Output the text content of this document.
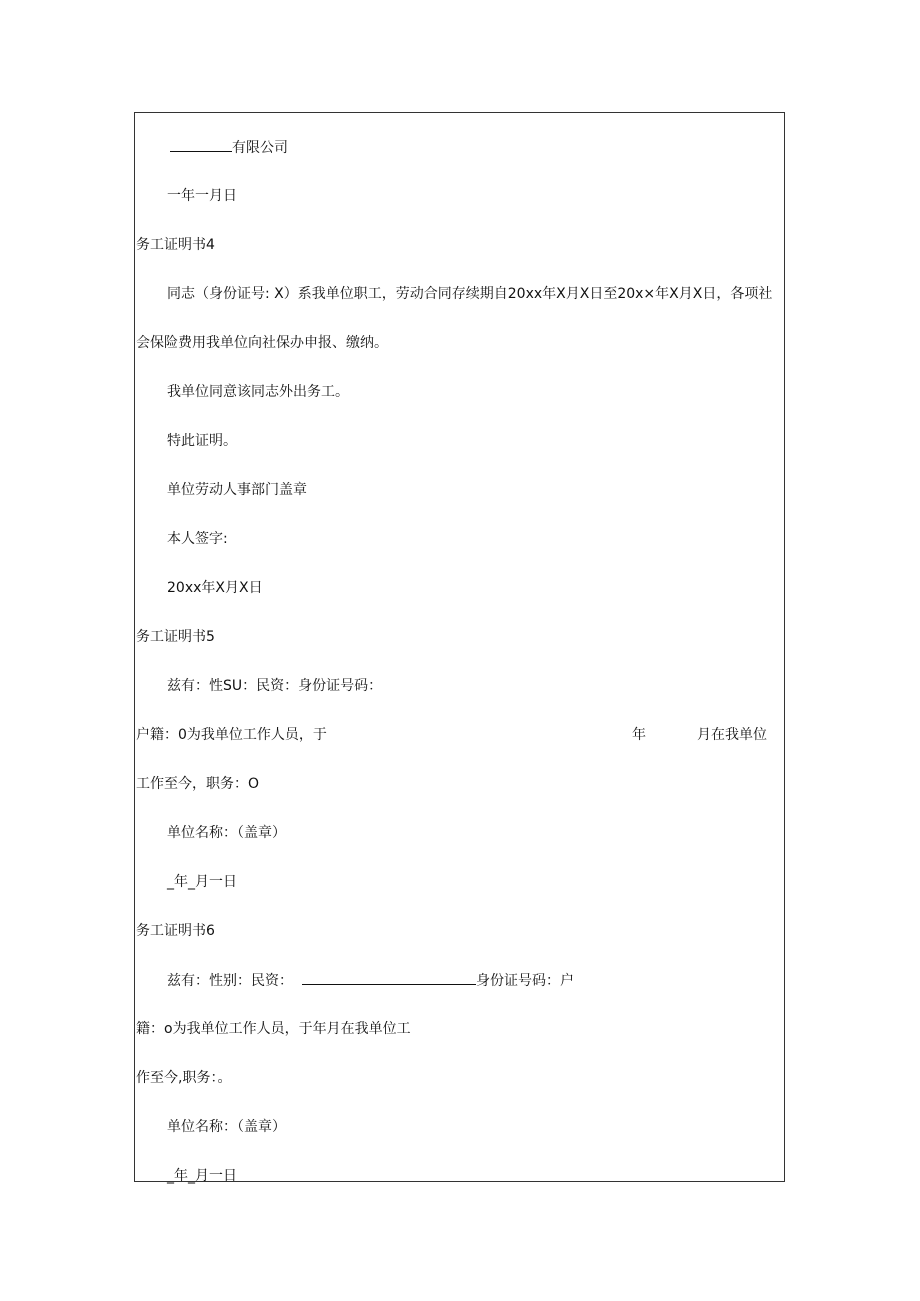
有限公司
一年一月日
务工证明书4
同志（身份证号: X）系我单位职工，劳动合同存续期自20xx年X月X日至20x×年X月X日，各项社
会保险费用我单位向社保办申报、缴纳。
我单位同意该同志外出务工。
特此证明。
单位劳动人事部门盖章
本人签字:
20xx年X月X日
务工证明书5
兹有：性SU：民资：身份证号码：
户籍：0为我单位工作人员，于	年	月在我单位
工作至今，职务：O
单位名称：（盖章）
_年_月一日
务工证明书6
兹有：性别：民资：	身份证号码：户
籍：o为我单位工作人员，于年月在我单位工
作至今,职务：。
单位名称：（盖章）
_年_月一日
